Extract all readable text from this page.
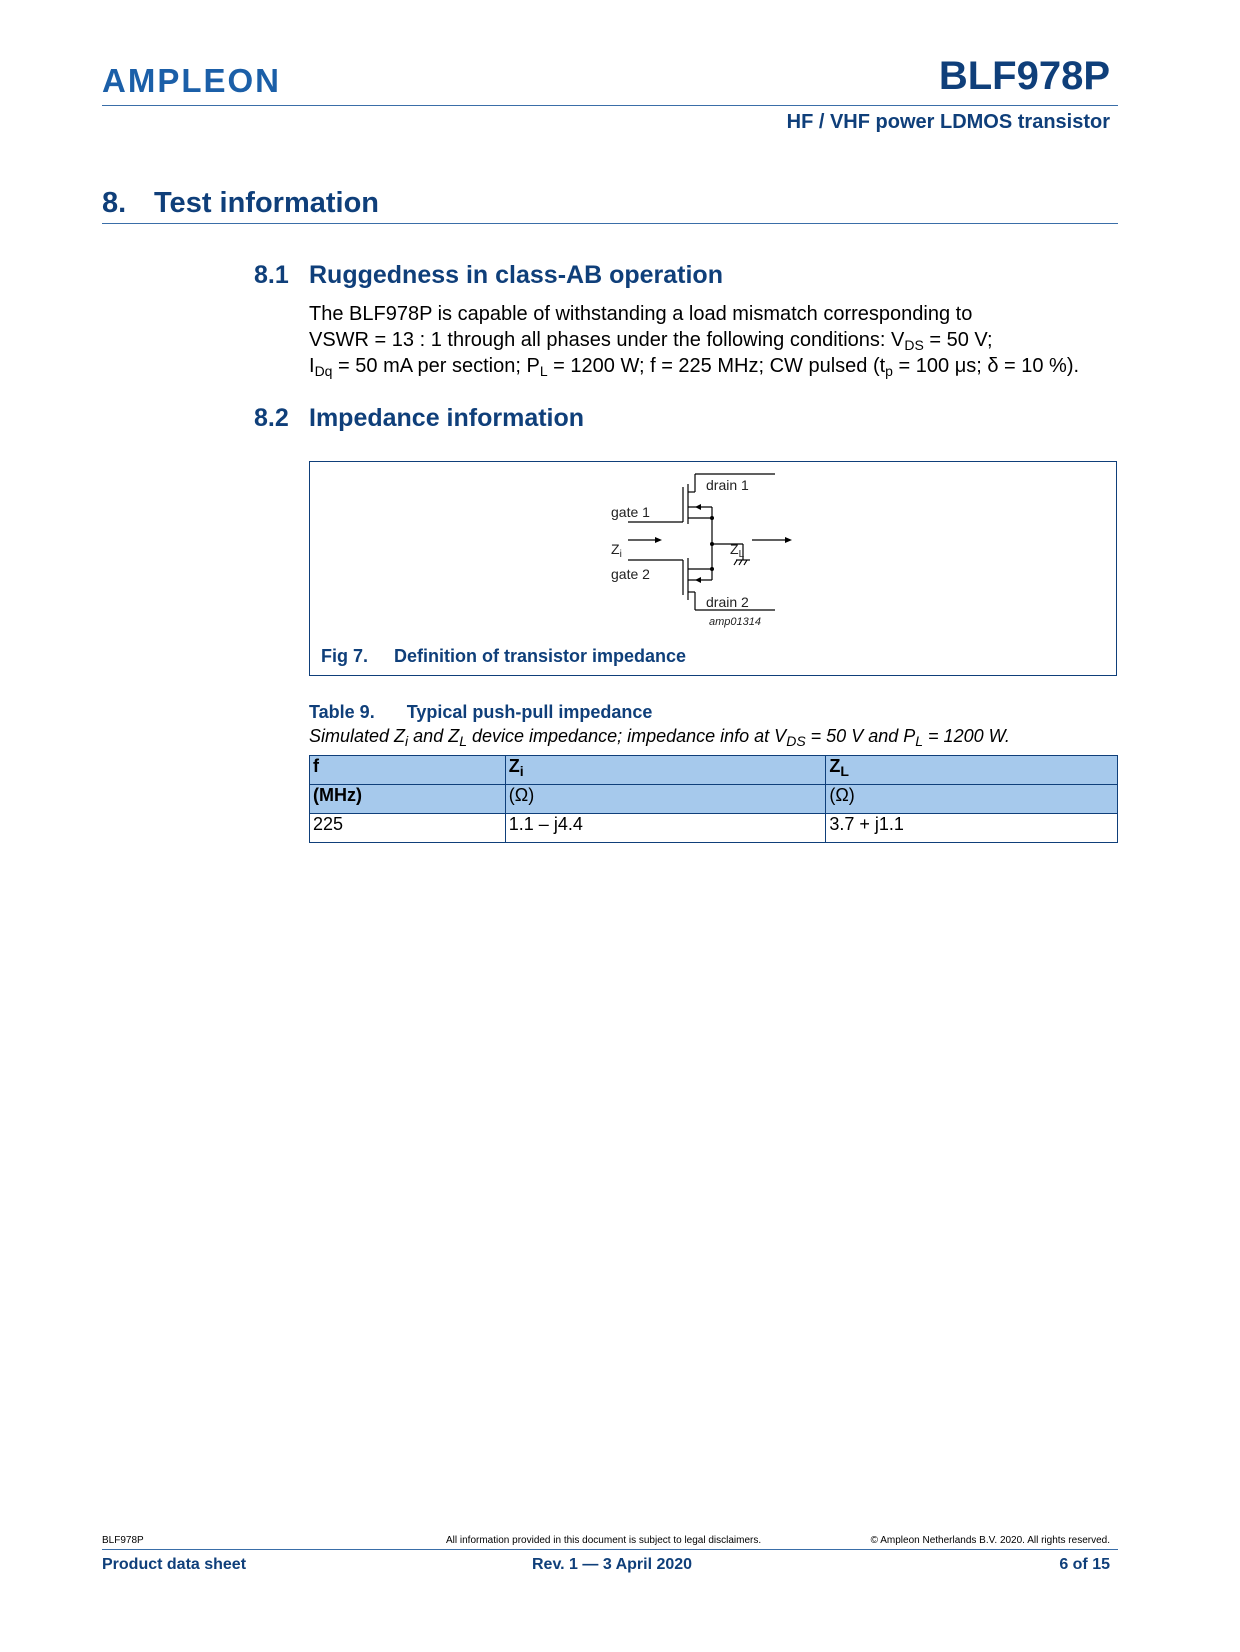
AMPLEON	BLF978P
HF / VHF power LDMOS transistor
8. Test information
8.1 Ruggedness in class-AB operation
The BLF978P is capable of withstanding a load mismatch corresponding to
VSWR = 13 : 1 through all phases under the following conditions: $V_{DS} = 50$ V;
$I_{Dq} = 50$ mA per section; $P_L = 1200$ W; f = 225 MHz; CW pulsed ($t_p = 100$ μs; δ = 10 %).
8.2 Impedance information
drain 1
gate 1
$Z_i$	$Z_L$
gate 2
drain 2
amp01314
Fig 7. Definition of transistor impedance
Table 9. Typical push-pull impedance
Simulated $Z_i$ and $Z_L$ device impedance; impedance info at $V_{DS} = 50$ V and $P_L = 1200$ W.
f	$Z_i$	$Z_L$
(MHz)	(Ω)	(Ω)
225	1.1 – j4.4	3.7 + j1.1
BLF978P	All information provided in this document is subject to legal disclaimers.	© Ampleon Netherlands B.V. 2020. All rights reserved.
Product data sheet	Rev. 1 — 3 April 2020	6 of 15
